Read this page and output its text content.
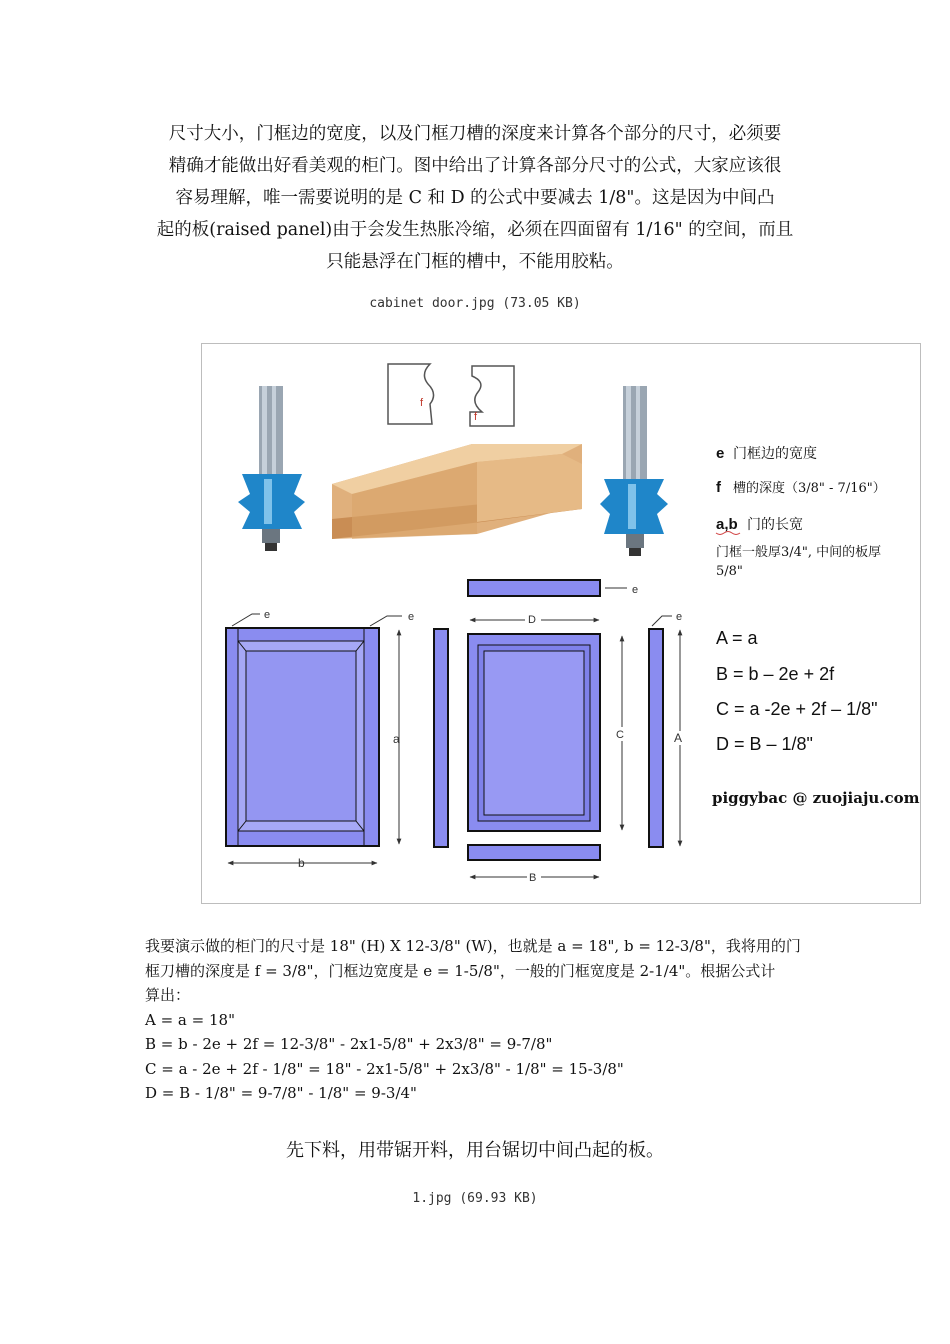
尺寸大小，门框边的宽度，以及门框刀槽的深度来计算各个部分的尺寸，必须要
精确才能做出好看美观的柜门。图中给出了计算各部分尺寸的公式，大家应该很
容易理解，唯一需要说明的是 C 和 D 的公式中要减去 1/8"。这是因为中间凸
起的板(raised panel)由于会发生热胀冷缩，必须在四面留有 1/16" 的空间，而且
只能悬浮在门框的槽中，不能用胶粘。
cabinet door.jpg (73.05 KB)
f
f
e
e	e
a
b
D
C
B
e
A
e 门框边的宽度
f 槽的深度（3/8" - 7/16"）
a,b 门的长宽
门框一般厚3/4", 中间的板厚
5/8"
A = a
B = b – 2e + 2f
C = a -2e + 2f – 1/8"
D = B – 1/8"
piggybac @ zuojiaju.com
我要演示做的柜门的尺寸是 18" (H) X 12-3/8" (W)，也就是 a = 18", b = 12-3/8"，我将用的门
框刀槽的深度是 f = 3/8"，门框边宽度是 e = 1-5/8"，一般的门框宽度是 2-1/4"。根据公式计
算出：
A = a = 18"
B = b - 2e + 2f = 12-3/8" - 2x1-5/8" + 2x3/8" = 9-7/8"
C = a - 2e + 2f - 1/8" = 18" - 2x1-5/8" + 2x3/8" - 1/8" = 15-3/8"
D = B - 1/8" = 9-7/8" - 1/8" = 9-3/4"
先下料，用带锯开料，用台锯切中间凸起的板。
1.jpg (69.93 KB)
